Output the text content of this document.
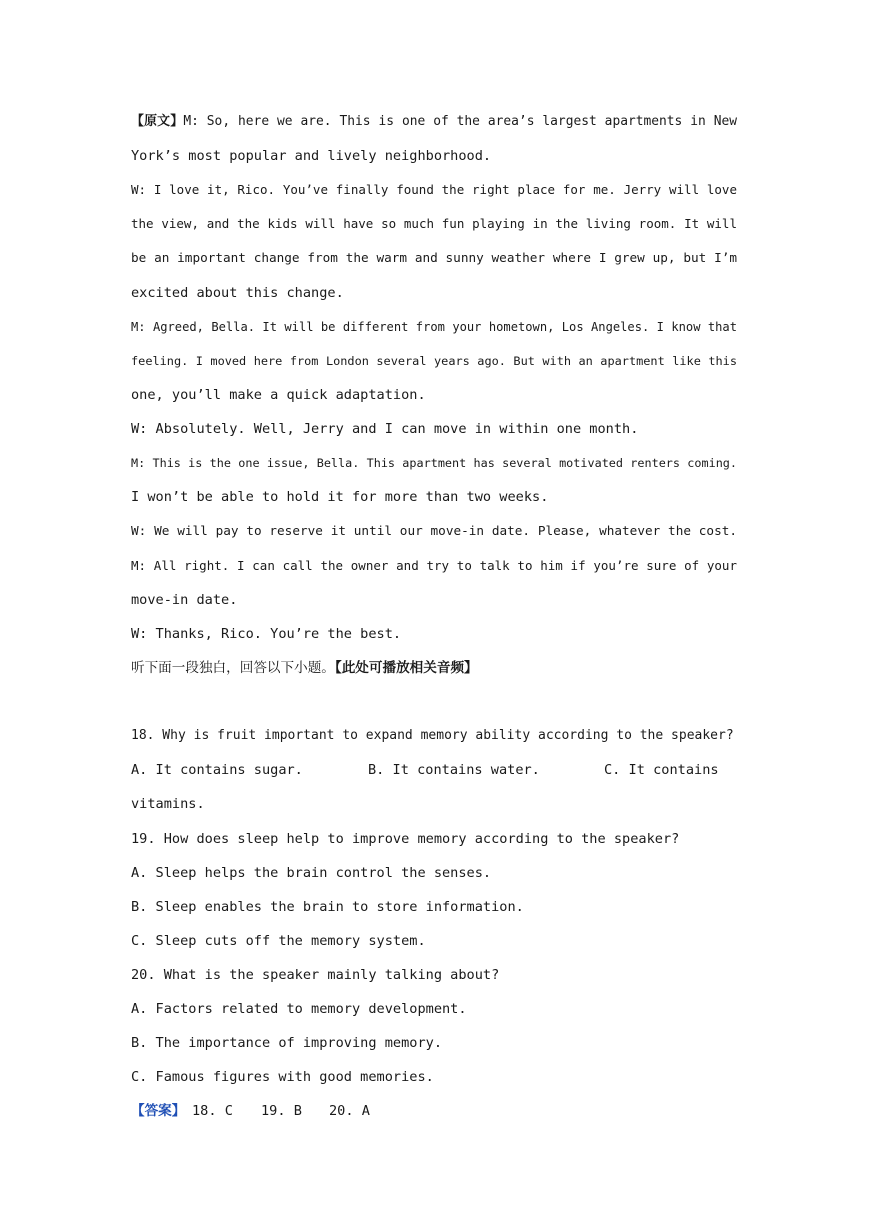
【原文】M: So, here we are. This is one of the area’s largest apartments in New
York’s most popular and lively neighborhood.
W: I love it, Rico. You’ve finally found the right place for me. Jerry will love
the view, and the kids will have so much fun playing in the living room. It will
be an important change from the warm and sunny weather where I grew up, but I’m
excited about this change.
M: Agreed, Bella. It will be different from your hometown, Los Angeles. I know that
feeling. I moved here from London several years ago. But with an apartment like this
one, you’ll make a quick adaptation.
W: Absolutely. Well, Jerry and I can move in within one month.
M: This is the one issue, Bella. This apartment has several motivated renters coming.
I won’t be able to hold it for more than two weeks.
W: We will pay to reserve it until our move-in date. Please, whatever the cost.
M: All right. I can call the owner and try to talk to him if you’re sure of your
move-in date.
W: Thanks, Rico. You’re the best.
听下面一段独白，回答以下小题。【此处可播放相关音频】
18. Why is fruit important to expand memory ability according to the speaker?
A. It contains sugar.	B. It contains water.	C. It contains
vitamins.
19. How does sleep help to improve memory according to the speaker?
A. Sleep helps the brain control the senses.
B. Sleep enables the brain to store information.
C. Sleep cuts off the memory system.
20. What is the speaker mainly talking about?
A. Factors related to memory development.
B. The importance of improving memory.
C. Famous figures with good memories.
【答案】 18. C 19. B 20. A
